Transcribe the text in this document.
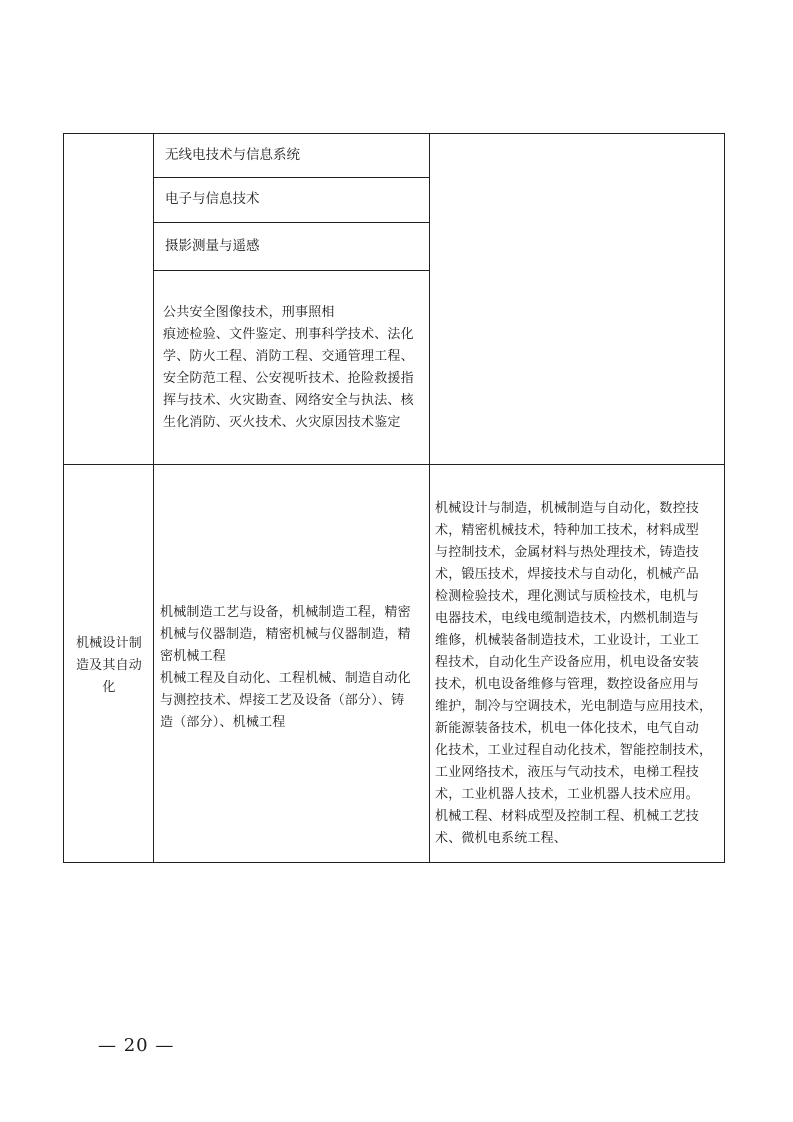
无线电技术与信息系统
电子与信息技术
摄影测量与遥感
公共安全图像技术，刑事照相
痕迹检验、文件鉴定、刑事科学技术、法化
学、防火工程、消防工程、交通管理工程、
安全防范工程、公安视听技术、抢险救援指
挥与技术、火灾勘查、网络安全与执法、核
生化消防、灭火技术、火灾原因技术鉴定
机械设计制
造及其自动
化
机械制造工艺与设备，机械制造工程，精密
机械与仪器制造，精密机械与仪器制造，精
密机械工程
机械工程及自动化、工程机械、制造自动化
与测控技术、焊接工艺及设备（部分）、铸
造（部分）、机械工程
机械设计与制造，机械制造与自动化，数控技
术，精密机械技术，特种加工技术，材料成型
与控制技术，金属材料与热处理技术，铸造技
术，锻压技术，焊接技术与自动化，机械产品
检测检验技术，理化测试与质检技术，电机与
电器技术，电线电缆制造技术，内燃机制造与
维修，机械装备制造技术，工业设计，工业工
程技术，自动化生产设备应用，机电设备安装
技术，机电设备维修与管理，数控设备应用与
维护，制冷与空调技术，光电制造与应用技术，
新能源装备技术，机电一体化技术，电气自动
化技术，工业过程自动化技术，智能控制技术，
工业网络技术，液压与气动技术，电梯工程技
术，工业机器人技术，工业机器人技术应用。
机械工程、材料成型及控制工程、机械工艺技
术、微机电系统工程、
— 20 —
